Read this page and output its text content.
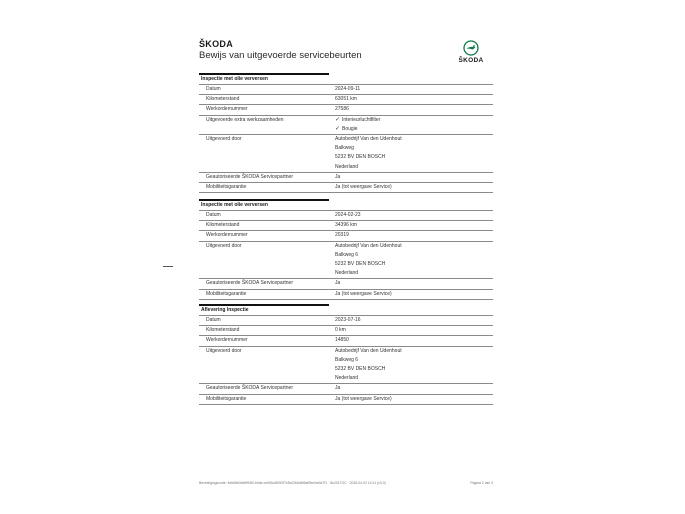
ŠKODA
Bewijs van uitgevoerde servicebeurten	ŠKODA
Inspectie met olie verversen
Datum	2024-09-11
Kilometerstand	63051 km
Werkordernummer	27586
Uitgevoerde extra werkzaamheden	✓ Interieurluchtfilter
✓ Bougie
Uitgevoerd door	Autobedrijf Van den Udenhout
Balkweg
5232 BV DEN BOSCH
Nederland
Geautoriseerde ŠKODA Servicepartner	Ja
Mobiliteitsgarantie	Ja (tot weergave Service)
Inspectie met olie verversen
Datum	2024-02-23
Kilometerstand	34396 km
Werkordernummer	20319
Uitgevoerd door	Autobedrijf Van den Udenhout
Balkweg 6
5232 BV DEN BOSCH
Nederland
Geautoriseerde ŠKODA Servicepartner	Ja
Mobiliteitsgarantie	Ja (tot weergave Service)
Aflevering Inspectie
Datum	2023-07-16
Kilometerstand	0 km
Werkordernummer	14850
Uitgevoerd door	Autobedrijf Van den Udenhout
Balkweg 6
5232 BV DEN BOSCH
Nederland
Geautoriseerde ŠKODA Servicepartner	Ja
Mobiliteitsgarantie	Ja (tot weergave Service)
Bevestigingscode: 4ebb8b0fa9f9f4f0-b0de-ce0f5cd2f0f2f7e5c02b6d6f5af9be0af4e7f1 · 8u2017GC · 2026-04-02 14:11 (v3.0)	Pagina 2 van 3
